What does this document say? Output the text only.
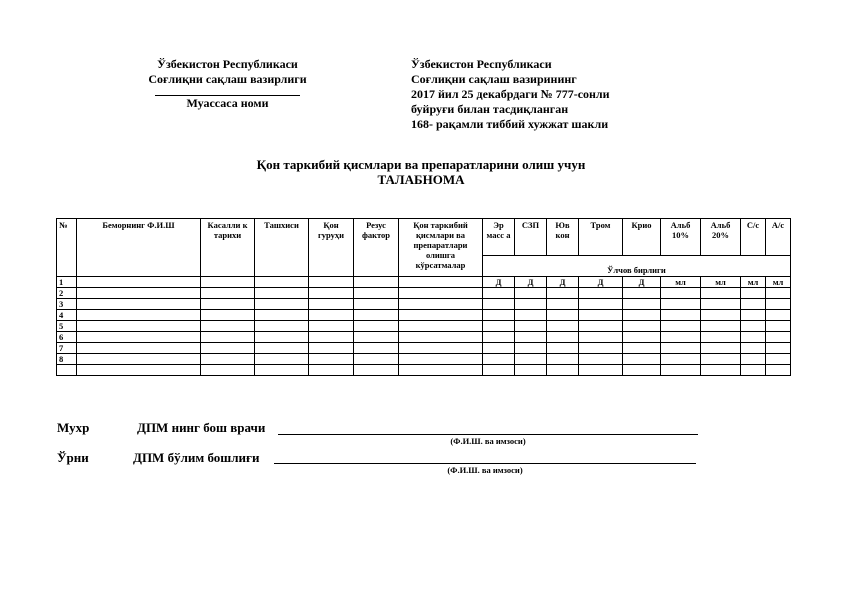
Ўзбекистон Республикаси
Соғлиқни сақлаш вазирлиги
Муассаса номи
Ўзбекистон Республикаси
Соғлиқни сақлаш вазирининг
2017 йил 25 декабрдаги № 777-сонли
буйруғи билан тасдиқланган
168- рақамли тиббий хужжат шакли
Қон таркибий қисмлари ва препаратларини олиш учун
ТАЛАБНОМА
№	Беморнинг Ф.И.Ш	Касалли к тарихи	Ташхиси	Қон гуруҳи	Резус фактор	Қон таркибий қисмлари ва препаратлари олишга кўрсатмалар	Эр масс а	СЗП	Юв кон	Тром	Крио	Альб 10%	Альб 20%	С/с	А/с
							Ўлчов бирлиги								
1							Д	Д	Д	Д	Д	мл	мл	мл	мл
2															
3															
4															
5															
6															
7															
8															

Мухр	ДПМ нинг бош врачи
(Ф.И.Ш. ва имзоси)
Ўрни	ДПМ бўлим бошлиғи
(Ф.И.Ш. ва имзоси)
